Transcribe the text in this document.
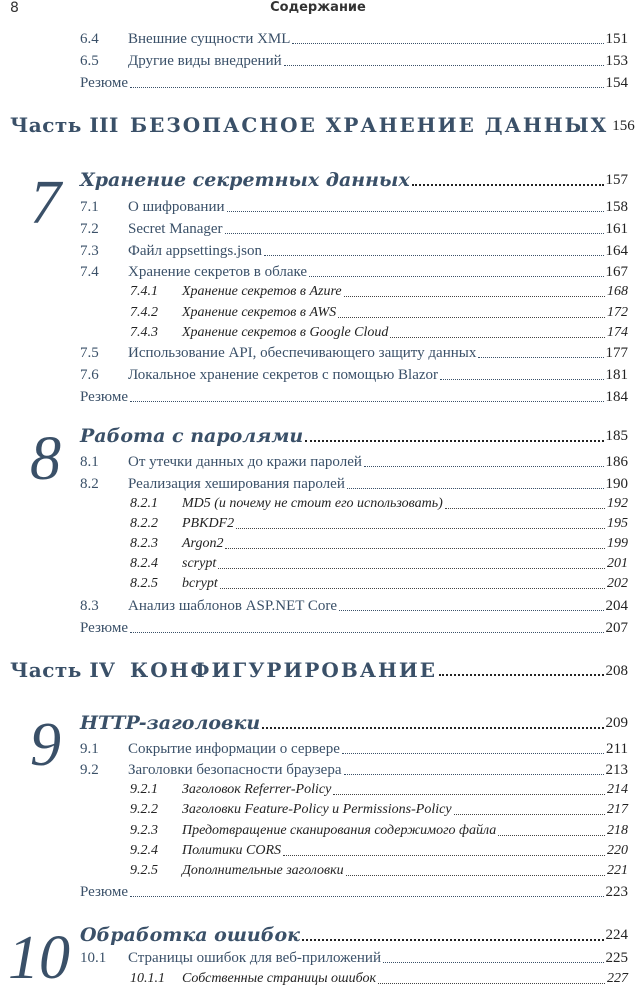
8	Содержание
6.4	Внешние сущности XML	151
6.5	Другие виды внедрений	153
Резюме	154
Часть III БЕЗОПАСНОЕ ХРАНЕНИЕ ДАННЫХ 156
7 Хранение секретных данных	157
7.1	О шифровании	158
7.2	Secret Manager	161
7.3	Файл appsettings.json	164
7.4	Хранение секретов в облаке	167
7.4.1	Хранение секретов в Azure	168
7.4.2	Хранение секретов в AWS	172
7.4.3	Хранение секретов в Google Cloud	174
7.5	Использование API, обеспечивающего защиту данных	177
7.6	Локальное хранение секретов с помощью Blazor	181
Резюме	184
8 Работа с паролями	185
8.1	От утечки данных до кражи паролей	186
8.2	Реализация хеширования паролей	190
8.2.1	MD5 (и почему не стоит его использовать)	192
8.2.2	PBKDF2	195
8.2.3	Argon2	199
8.2.4	scrypt	201
8.2.5	bcrypt	202
8.3	Анализ шаблонов ASP.NET Core	204
Резюме	207
Часть IV КОНФИГУРИРОВАНИЕ	208
9 HTTP-заголовки	209
9.1	Сокрытие информации о сервере	211
9.2	Заголовки безопасности браузера	213
9.2.1	Заголовок Referrer-Policy	214
9.2.2	Заголовки Feature-Policy и Permissions-Policy	217
9.2.3	Предотвращение сканирования содержимого файла	218
9.2.4	Политики CORS	220
9.2.5	Дополнительные заголовки	221
Резюме	223
10 Обработка ошибок	224
10.1	Страницы ошибок для веб-приложений	225
10.1.1	Собственные страницы ошибок	227
